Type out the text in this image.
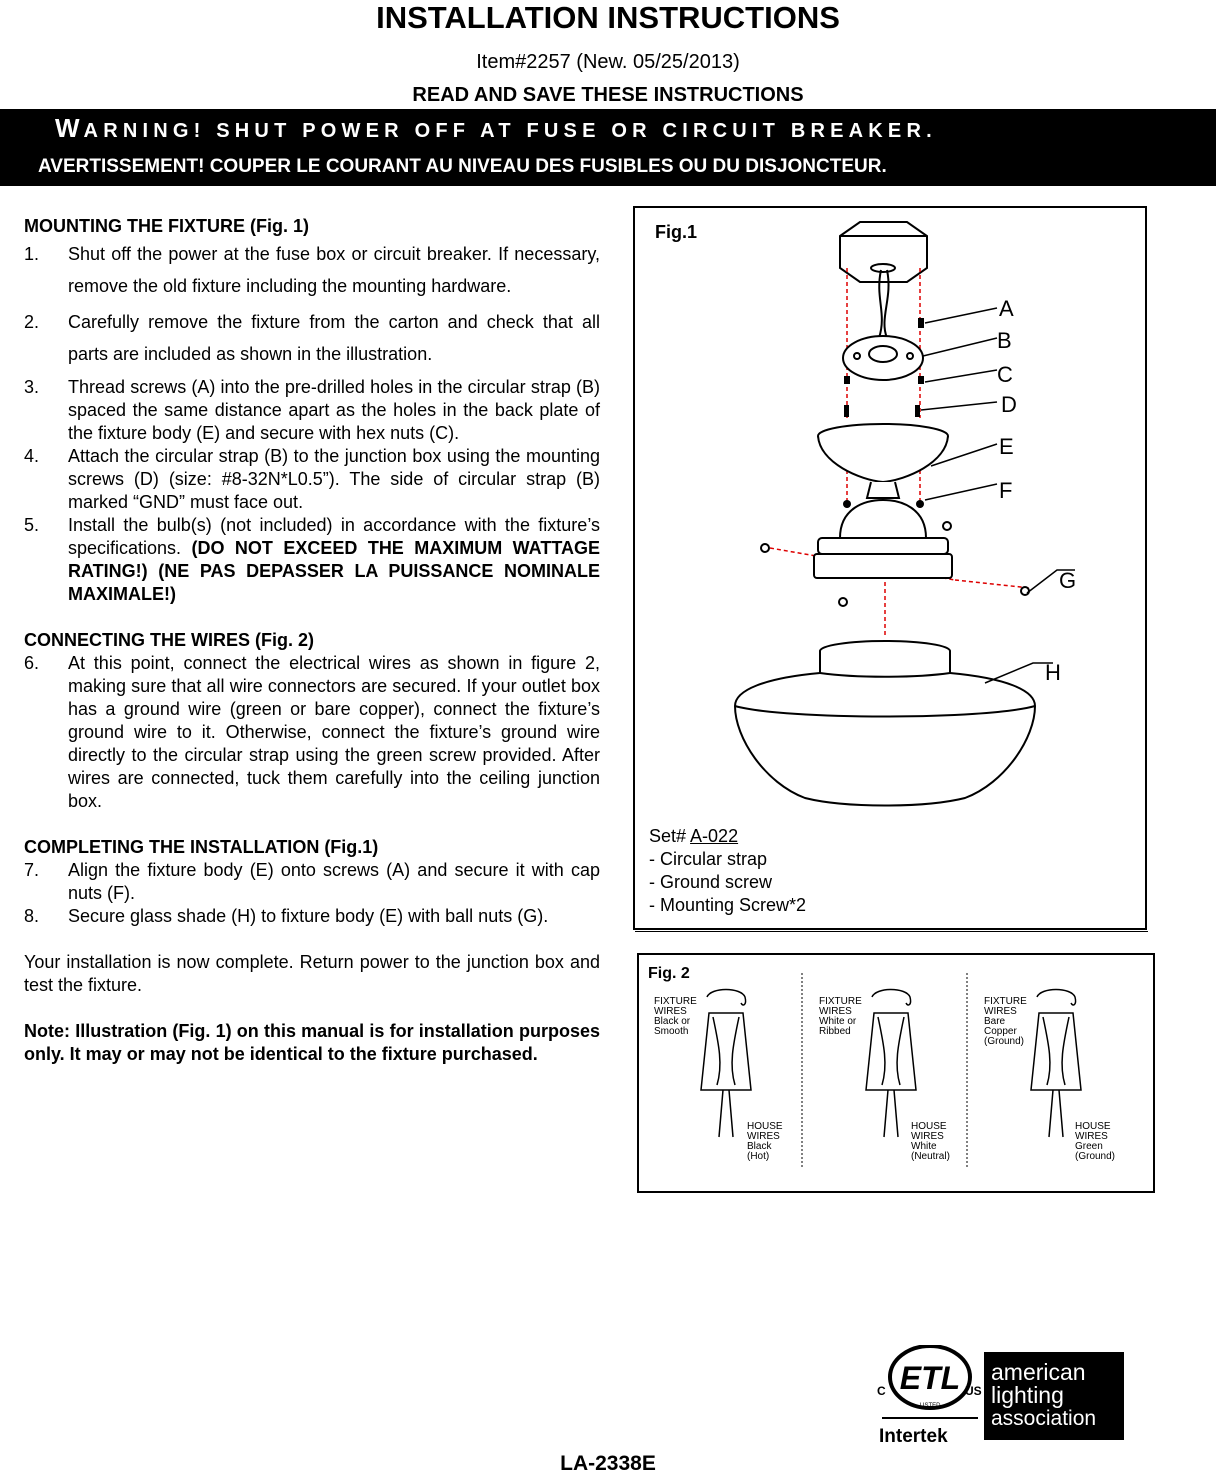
INSTALLATION INSTRUCTIONS
Item#2257 (New. 05/25/2013)
READ AND SAVE THESE INSTRUCTIONS
WARNING! SHUT POWER OFF AT FUSE OR CIRCUIT BREAKER.
AVERTISSEMENT! COUPER LE COURANT AU NIVEAU DES FUSIBLES OU DU DISJONCTEUR.

MOUNTING THE FIXTURE (Fig. 1)

1. Shut off the power at the fuse box or circuit breaker. If necessary, remove the old fixture including the mounting hardware.
2. Carefully remove the fixture from the carton and check that all parts are included as shown in the illustration.
3. Thread screws (A) into the pre-drilled holes in the circular strap (B) spaced the same distance apart as the holes in the back plate of the fixture body (E) and secure with hex nuts (C).
4. Attach the circular strap (B) to the junction box using the mounting screws (D) (size: #8-32N*L0.5”). The side of circular strap (B) marked “GND” must face out.
5. Install the bulb(s) (not included) in accordance with the fixture’s specifications. (DO NOT EXCEED THE MAXIMUM WATTAGE RATING!) (NE PAS DEPASSER LA PUISSANCE NOMINALE MAXIMALE!)

CONNECTING THE WIRES (Fig. 2)

6. At this point, connect the electrical wires as shown in figure 2, making sure that all wire connectors are secured. If your outlet box has a ground wire (green or bare copper), connect the fixture’s ground wire to it. Otherwise, connect the fixture’s ground wire directly to the circular strap using the green screw provided. After wires are connected, tuck them carefully into the ceiling junction box.

COMPLETING THE INSTALLATION (Fig.1)

7. Align the fixture body (E) onto screws (A) and secure it with cap nuts (F).
8. Secure glass shade (H) to fixture body (E) with ball nuts (G).

Your installation is now complete. Return power to the junction box and test the fixture.

Note: Illustration (Fig. 1) on this manual is for installation purposes only. It may or may not be identical to the fixture purchased.

Fig.1
A
B
C
D
E
F
G
H
Set# A-022
- Circular strap
- Ground screw
- Mounting Screw*2
Fig. 2
FIXTURE
WIRES
Black or
Smooth
HOUSE
WIRES
Black
(Hot)
FIXTURE
WIRES
White or
Ribbed
HOUSE
WIRES
White
(Neutral)
FIXTURE
WIRES
Bare
Copper
(Ground)
HOUSE
WIRES
Green
(Ground)
ETL
C	US
LISTED
Intertek
american
lighting
association
LA-2338E
